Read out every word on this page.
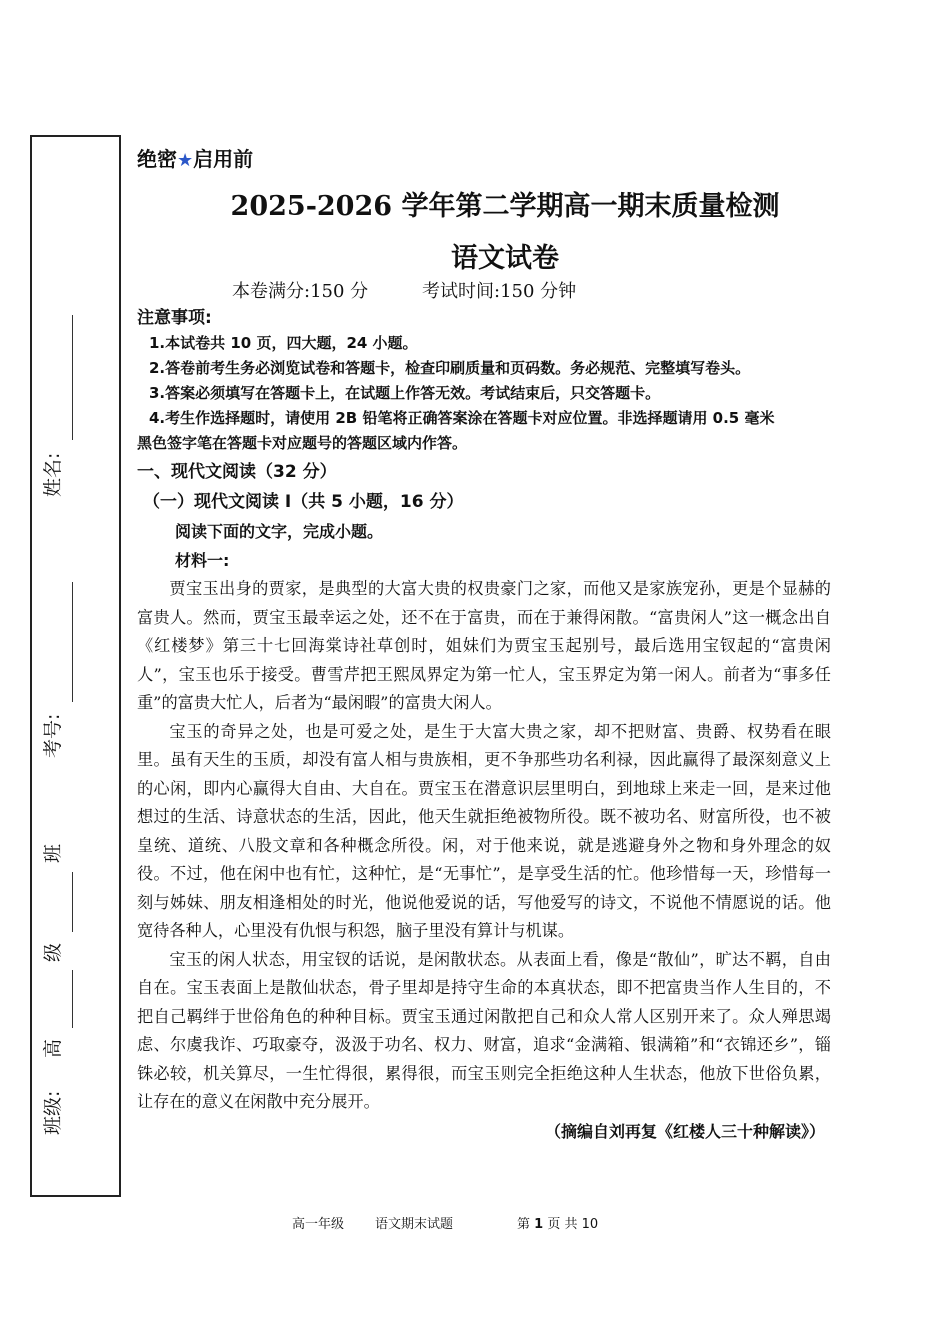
姓名:
考号:
班
级
高
班级:
绝密★启用前
2025-2026 学年第二学期高一期末质量检测
语文试卷
本卷满分:150 分	考试时间:150 分钟
注意事项:

1.本试卷共 10 页，四大题，24 小题。

2.答卷前考生务必浏览试卷和答题卡，检查印刷质量和页码数。务必规范、完整填写卷头。

3.答案必须填写在答题卡上，在试题上作答无效。考试结束后，只交答题卡。

4.考生作选择题时，请使用 2B 铅笔将正确答案涂在答题卡对应位置。非选择题请用 0.5 毫米

黑色签字笔在答题卡对应题号的答题区域内作答。

一、现代文阅读（32 分）
（一）现代文阅读 I（共 5 小题，16 分）
阅读下面的文字，完成小题。
材料一:

贾宝玉出身的贾家，是典型的大富大贵的权贵豪门之家，而他又是家族宠孙，更是个显赫的富贵人。然而，贾宝玉最幸运之处，还不在于富贵，而在于兼得闲散。“富贵闲人”这一概念出自《红楼梦》第三十七回海棠诗社草创时，姐妹们为贾宝玉起别号，最后选用宝钗起的“富贵闲人”，宝玉也乐于接受。曹雪芹把王熙凤界定为第一忙人，宝玉界定为第一闲人。前者为“事多任重”的富贵大忙人，后者为“最闲暇”的富贵大闲人。

宝玉的奇异之处，也是可爱之处，是生于大富大贵之家，却不把财富、贵爵、权势看在眼里。虽有天生的玉质，却没有富人相与贵族相，更不争那些功名利禄，因此赢得了最深刻意义上的心闲，即内心赢得大自由、大自在。贾宝玉在潜意识层里明白，到地球上来走一回，是来过他想过的生活、诗意状态的生活，因此，他天生就拒绝被物所役。既不被功名、财富所役，也不被皇统、道统、八股文章和各种概念所役。闲，对于他来说，就是逃避身外之物和身外理念的奴役。不过，他在闲中也有忙，这种忙，是“无事忙”，是享受生活的忙。他珍惜每一天，珍惜每一刻与姊妹、朋友相逢相处的时光，他说他爱说的话，写他爱写的诗文，不说他不情愿说的话。他宽待各种人，心里没有仇恨与积怨，脑子里没有算计与机谋。

宝玉的闲人状态，用宝钗的话说，是闲散状态。从表面上看，像是“散仙”，旷达不羁，自由自在。宝玉表面上是散仙状态，骨子里却是持守生命的本真状态，即不把富贵当作人生目的，不把自己羁绊于世俗角色的种种目标。贾宝玉通过闲散把自己和众人常人区别开来了。众人殚思竭虑、尔虞我诈、巧取豪夺，汲汲于功名、权力、财富，追求“金满箱、银满箱”和“衣锦还乡”，锱铢必较，机关算尽，一生忙得很，累得很，而宝玉则完全拒绝这种人生状态，他放下世俗负累，让存在的意义在闲散中充分展开。

（摘编自刘再复《红楼人三十种解读》）
高一年级 语文期末试题	第 1 页 共 10
